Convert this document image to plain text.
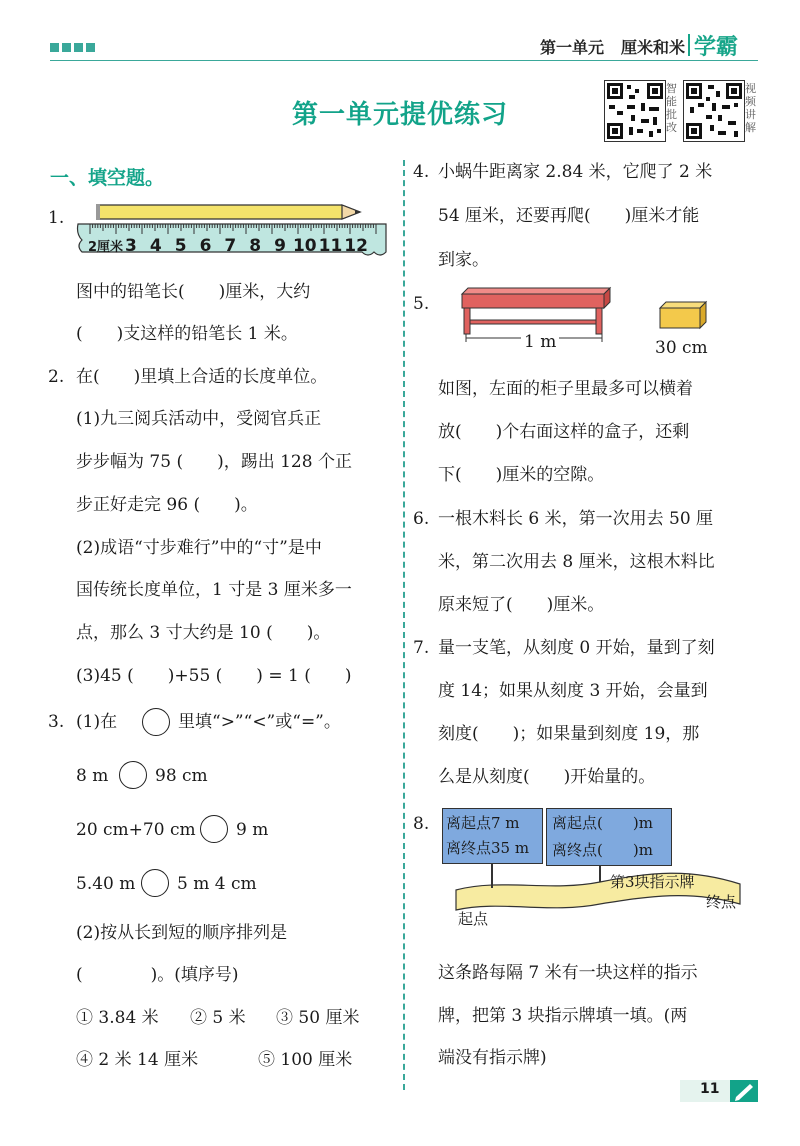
第一单元 厘米和米 学霸
第一单元提优练习
智能批改
视频讲解
一、填空题。
1.
2厘米 3 4 5 6 7 8 9 10 11 12
图中的铅笔长(　　)厘米，大约
(　　)支这样的铅笔长 1 米。
2. 在(　　)里填上合适的长度单位。
(1)九三阅兵活动中，受阅官兵正
步步幅为 75 (　　)，踢出 128 个正
步正好走完 96 (　　)。
(2)成语“寸步难行”中的“寸”是中
国传统长度单位，1 寸是 3 厘米多一
点，那么 3 寸大约是 10 (　　)。
(3)45 (　　)+55 (　　) = 1 (　　)
3. (1)在	里填“>”“<”或“=”。
8 m	98 cm
20 cm+70 cm 9 m
5.40 m 5 m 4 cm
(2)按从长到短的顺序排列是
(　　　　)。(填序号)
① 3.84 米 ② 5 米 ③ 50 厘米
④ 2 米 14 厘米	⑤ 100 厘米
4. 小蜗牛距离家 2.84 米，它爬了 2 米
54 厘米，还要再爬(　　)厘米才能
到家。
5.
1 m	30 cm
如图，左面的柜子里最多可以横着
放(　　)个右面这样的盒子，还剩
下(　　)厘米的空隙。
6. 一根木料长 6 米，第一次用去 50 厘
米，第二次用去 8 厘米，这根木料比
原来短了(　　)厘米。
7. 量一支笔，从刻度 0 开始，量到了刻
度 14；如果从刻度 3 开始，会量到
刻度(　　)；如果量到刻度 19，那
么是从刻度(　　)开始量的。
8. 离起点7 m
离终点35 m
离起点(　　)m
离终点(　　)m
第3块指示牌
起点
终点
这条路每隔 7 米有一块这样的指示
牌，把第 3 块指示牌填一填。(两
端没有指示牌)
11
